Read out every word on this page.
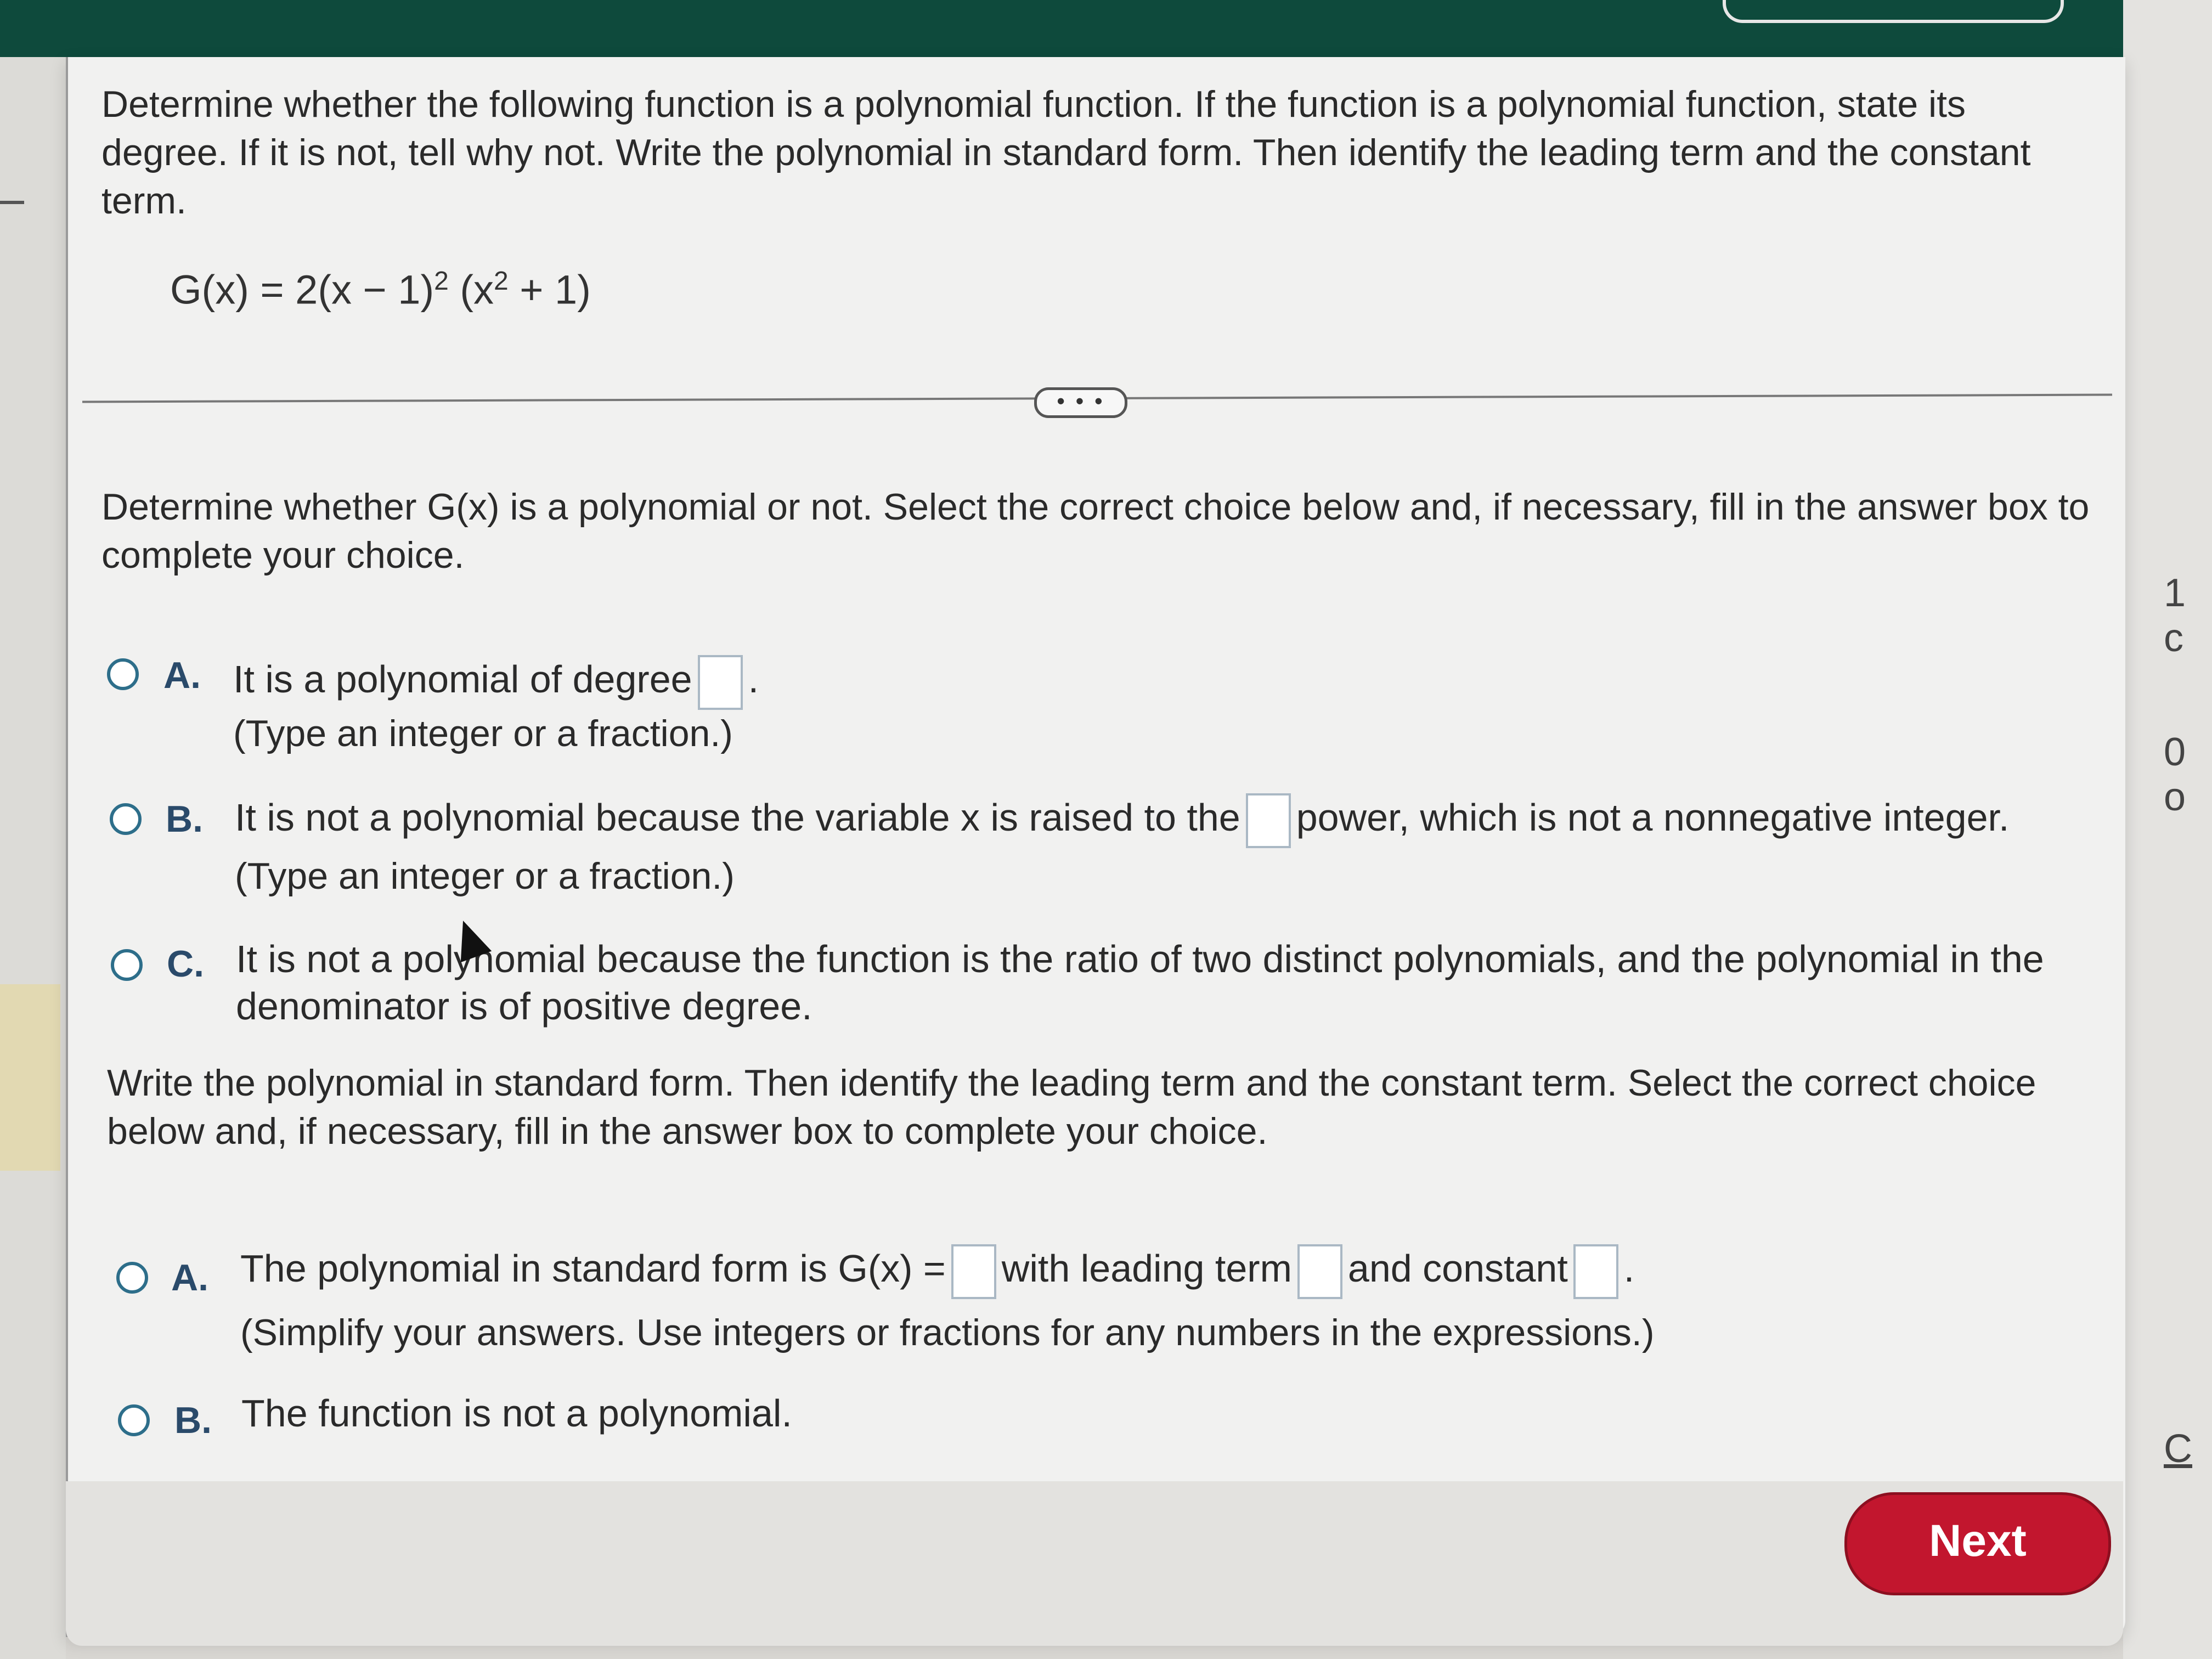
1 c
0 o
C
Determine whether the following function is a polynomial function. If the function is a polynomial function, state its degree. If it is not, tell why not. Write the polynomial in standard form. Then identify the leading term and the constant term.
$G(x) = 2(x - 1)^2$ $(x^2 + 1)$
• • •
Determine whether G(x) is a polynomial or not. Select the correct choice below and, if necessary, fill in the answer box to complete your choice.
A. It is a polynomial of degree .
(Type an integer or a fraction.)
B. It is not a polynomial because the variable x is raised to the power, which is not a nonnegative integer.
(Type an integer or a fraction.)
C. It is not a polynomial because the function is the ratio of two distinct polynomials, and the polynomial in the
denominator is of positive degree.
Write the polynomial in standard form. Then identify the leading term and the constant term. Select the correct choice below and, if necessary, fill in the answer box to complete your choice.
A. The polynomial in standard form is G(x) = with leading term and constant .
(Simplify your answers. Use integers or fractions for any numbers in the expressions.)
B. The function is not a polynomial.
Next
